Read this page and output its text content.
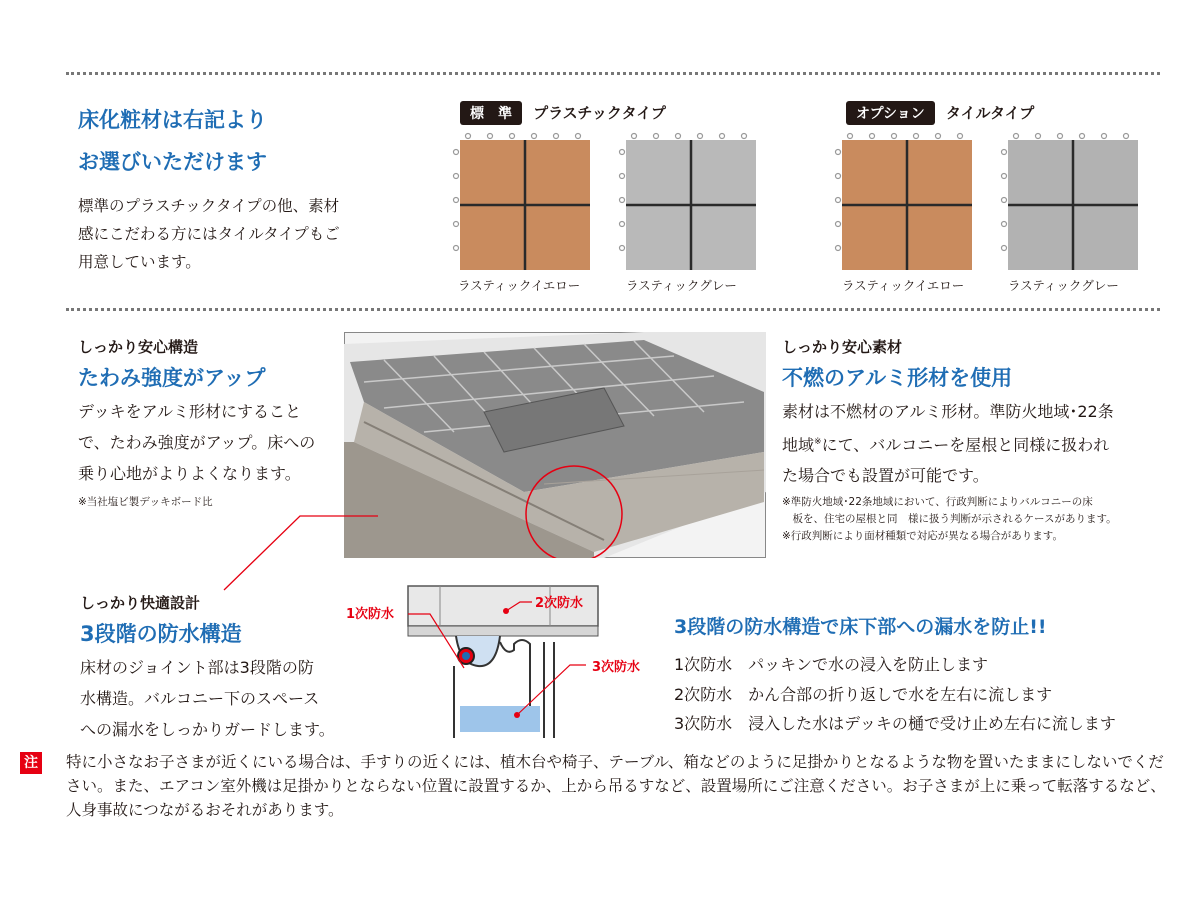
床化粧材は右記より
お選びいただけます
標準のプラスチックタイプの他、素材
感にこだわる方にはタイルタイプもご
用意しています。
標　準 プラスチックタイプ	オプション タイルタイプ
ラスティックイエロー	ラスティックグレー	ラスティックイエロー	ラスティックグレー
しっかり安心構造
たわみ強度がアップ
デッキをアルミ形材にすること
で、たわみ強度がアップ。床への
乗り心地がよりよくなります。
※当社塩ビ製デッキボード比
しっかり安心素材
不燃のアルミ形材を使用
素材は不燃材のアルミ形材。準防火地域･22条
地域※にて、バルコニーを屋根と同様に扱われ
た場合でも設置が可能です。
※準防火地域･22条地域において、行政判断によりバルコニーの床
　板を、住宅の屋根と同　様に扱う判断が示されるケースがあります。
※行政判断により面材種類で対応が異なる場合があります。
しっかり快適設計
3段階の防水構造
床材のジョイント部は3段階の防
水構造。バルコニー下のスペース
への漏水をしっかりガードします。
1次防水
2次防水
3次防水
3段階の防水構造で床下部への漏水を防止!!
1次防水　パッキンで水の浸入を防止します
2次防水　かん合部の折り返しで水を左右に流します
3次防水　浸入した水はデッキの樋で受け止め左右に流します
注 特に小さなお子さまが近くにいる場合は、手すりの近くには、植木台や椅子、テーブル、箱などのように足掛かりとなるような物を置いたままにしないでください。また、エアコン室外機は足掛かりとならない位置に設置するか、上から吊るすなど、設置場所にご注意ください。お子さまが上に乗って転落するなど、人身事故につながるおそれがあります。
